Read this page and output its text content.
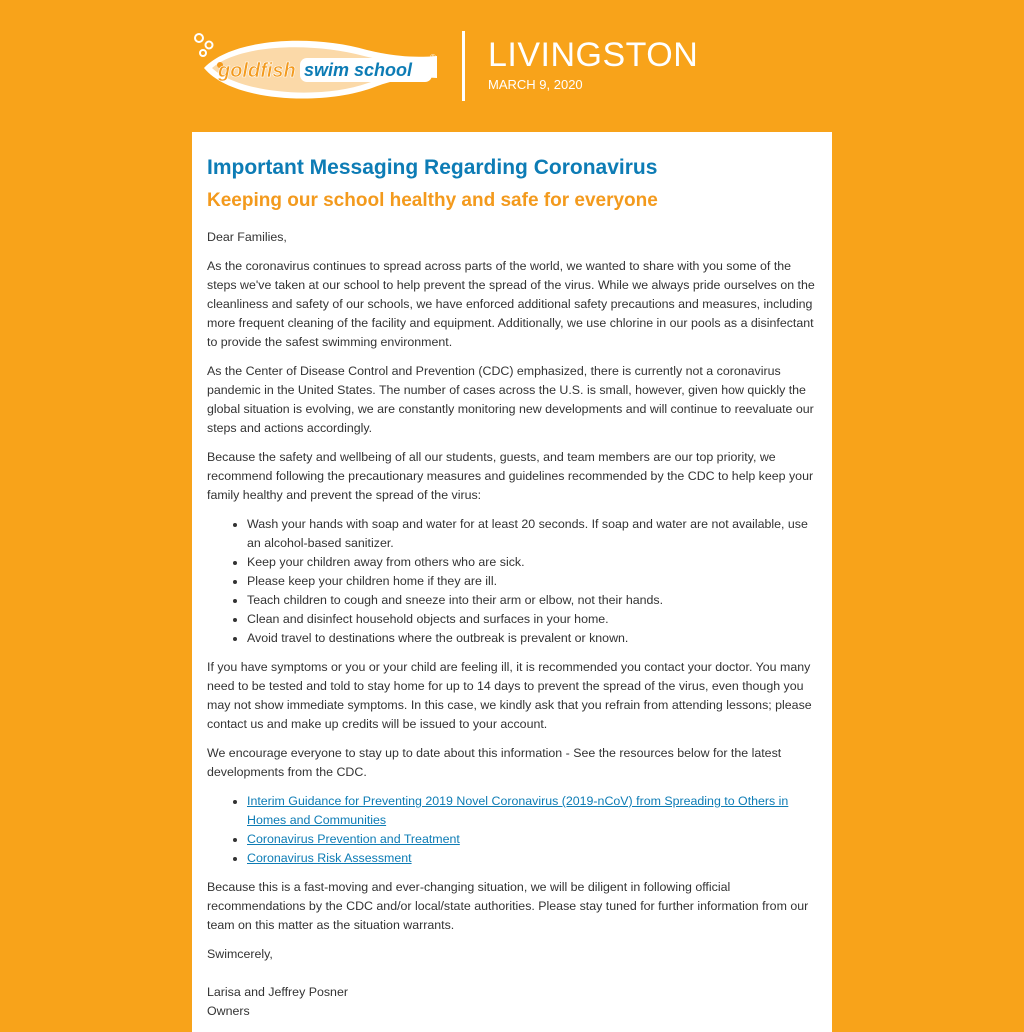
goldfish swim school
® LIVINGSTON
MARCH 9, 2020
Important Messaging Regarding Coronavirus
Keeping our school healthy and safe for everyone

Dear Families,

As the coronavirus continues to spread across parts of the world, we wanted to share with you some of the steps we've taken at our school to help prevent the spread of the virus. While we always pride ourselves on the cleanliness and safety of our schools, we have enforced additional safety precautions and measures, including more frequent cleaning of the facility and equipment. Additionally, we use chlorine in our pools as a disinfectant to provide the safest swimming environment.

As the Center of Disease Control and Prevention (CDC) emphasized, there is currently not a coronavirus pandemic in the United States. The number of cases across the U.S. is small, however, given how quickly the global situation is evolving, we are constantly monitoring new developments and will continue to reevaluate our steps and actions accordingly.

Because the safety and wellbeing of all our students, guests, and team members are our top priority, we recommend following the precautionary measures and guidelines recommended by the CDC to help keep your family healthy and prevent the spread of the virus:

• Wash your hands with soap and water for at least 20 seconds. If soap and water are not available, use an alcohol-based sanitizer.
• Keep your children away from others who are sick.
• Please keep your children home if they are ill.
• Teach children to cough and sneeze into their arm or elbow, not their hands.
• Clean and disinfect household objects and surfaces in your home.
• Avoid travel to destinations where the outbreak is prevalent or known.

If you have symptoms or you or your child are feeling ill, it is recommended you contact your doctor. You many need to be tested and told to stay home for up to 14 days to prevent the spread of the virus, even though you may not show immediate symptoms. In this case, we kindly ask that you refrain from attending lessons; please contact us and make up credits will be issued to your account.

We encourage everyone to stay up to date about this information - See the resources below for the latest developments from the CDC.

• Interim Guidance for Preventing 2019 Novel Coronavirus (2019-nCoV) from Spreading to Others in Homes and Communities
• Coronavirus Prevention and Treatment
• Coronavirus Risk Assessment

Because this is a fast-moving and ever-changing situation, we will be diligent in following official recommendations by the CDC and/or local/state authorities. Please stay tuned for further information from our team on this matter as the situation warrants.

Swimcerely,

Larisa and Jeffrey Posner
Owners
